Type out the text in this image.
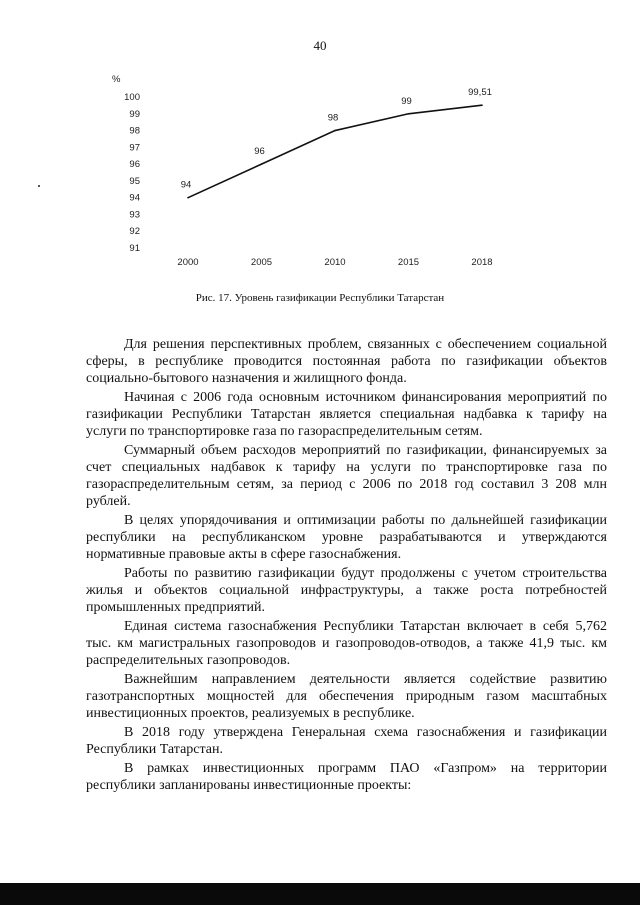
40
%
91
92
93
94
95
96
97
98
99
100
2000	2005	2010	2015	2018
94
96
98
99
99,51
Рис. 17. Уровень газификации Республики Татарстан

Для решения перспективных проблем, связанных с обеспечением социальной сферы, в республике проводится постоянная работа по газификации объектов социально-бытового назначения и жилищного фонда.

Начиная с 2006 года основным источником финансирования мероприятий по газификации Республики Татарстан является специальная надбавка к тарифу на услуги по транспортировке газа по газораспределительным сетям.

Суммарный объем расходов мероприятий по газификации, финансируемых за счет специальных надбавок к тарифу на услуги по транспортировке газа по газораспределительным сетям, за период с 2006 по 2018 год составил 3 208 млн рублей.

В целях упорядочивания и оптимизации работы по дальнейшей газификации республики на республиканском уровне разрабатываются и утверждаются нормативные правовые акты в сфере газоснабжения.

Работы по развитию газификации будут продолжены с учетом строительства жилья и объектов социальной инфраструктуры, а также роста потребностей промышленных предприятий.

Единая система газоснабжения Республики Татарстан включает в себя 5,762 тыс. км магистральных газопроводов и газопроводов-отводов, а также 41,9 тыс. км распределительных газопроводов.

Важнейшим направлением деятельности является содействие развитию газотранспортных мощностей для обеспечения природным газом масштабных инвестиционных проектов, реализуемых в республике.

В 2018 году утверждена Генеральная схема газоснабжения и газификации Республики Татарстан.

В рамках инвестиционных программ ПАО «Газпром» на территории республики запланированы инвестиционные проекты:
